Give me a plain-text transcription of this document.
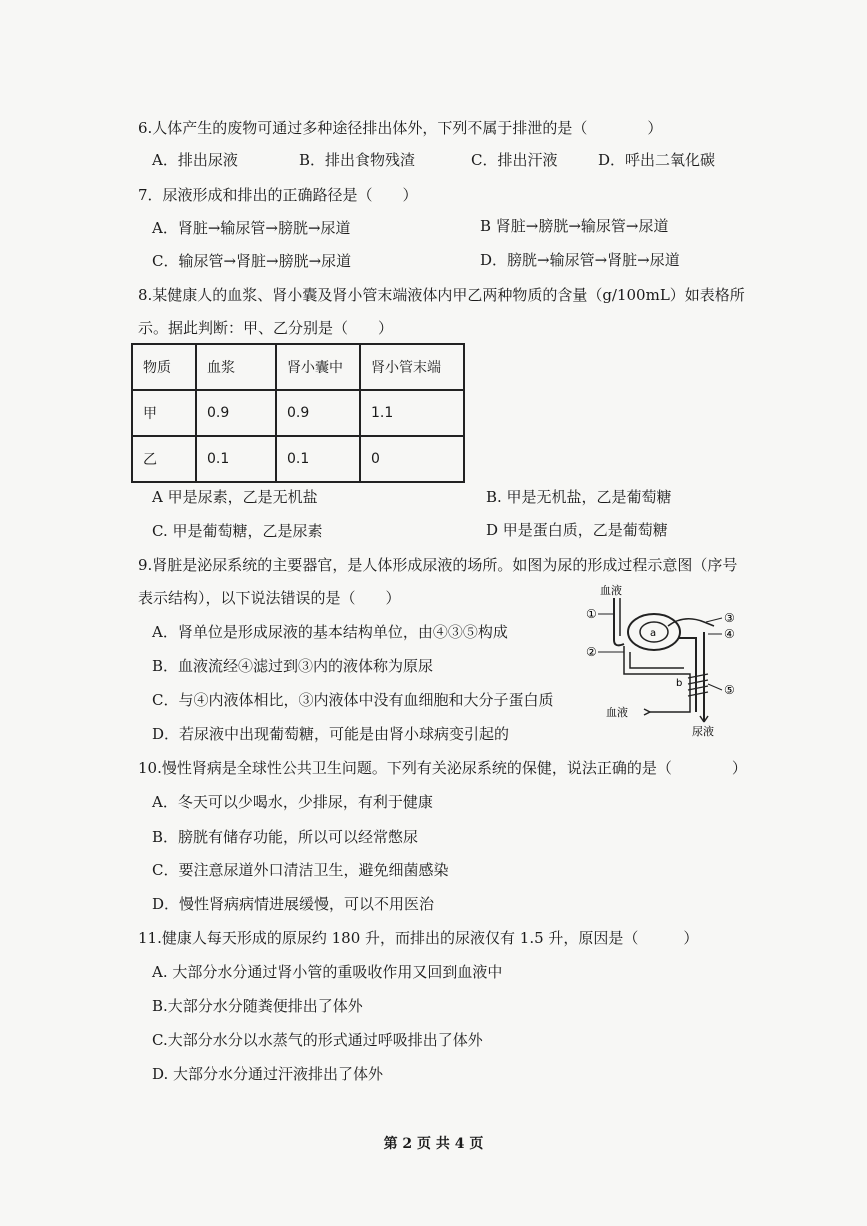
6.人体产生的废物可通过多种途径排出体外，下列不属于排泄的是（　　　　）
A．排出尿液	B．排出食物残渣	C．排出汗液	D．呼出二氧化碳
7．尿液形成和排出的正确路径是（　　）
A．肾脏→输尿管→膀胱→尿道	B 肾脏→膀胱→输尿管→尿道
C．输尿管→肾脏→膀胱→尿道	D．膀胱→输尿管→肾脏→尿道
8.某健康人的血浆、肾小囊及肾小管末端液体内甲乙两种物质的含量（g/100mL）如表格所
示。据此判断：甲、乙分别是（　　）
物质	血浆	肾小囊中	肾小管末端
甲	0.9	0.9	1.1
乙	0.1	0.1	0
A 甲是尿素，乙是无机盐	B. 甲是无机盐，乙是葡萄糖
C. 甲是葡萄糖，乙是尿素	D 甲是蛋白质，乙是葡萄糖
9.肾脏是泌尿系统的主要器官，是人体形成尿液的场所。如图为尿的形成过程示意图（序号
表示结构），以下说法错误的是（　　）
A．肾单位是形成尿液的基本结构单位，由④③⑤构成
B．血液流经④滤过到③内的液体称为原尿
C．与④内液体相比，③内液体中没有血细胞和大分子蛋白质
D．若尿液中出现葡萄糖，可能是由肾小球病变引起的
血液
a
b
①
②
③
④
⑤
血液
尿液
10.慢性肾病是全球性公共卫生问题。下列有关泌尿系统的保健，说法正确的是（　　　　）
A．冬天可以少喝水，少排尿，有利于健康
B．膀胱有储存功能，所以可以经常憋尿
C．要注意尿道外口清洁卫生，避免细菌感染
D．慢性肾病病情进展缓慢，可以不用医治
11.健康人每天形成的原尿约 180 升，而排出的尿液仅有 1.5 升，原因是（　　　）
A. 大部分水分通过肾小管的重吸收作用又回到血液中
B.大部分水分随粪便排出了体外
C.大部分水分以水蒸气的形式通过呼吸排出了体外
D. 大部分水分通过汗液排出了体外
第 2 页 共 4 页
